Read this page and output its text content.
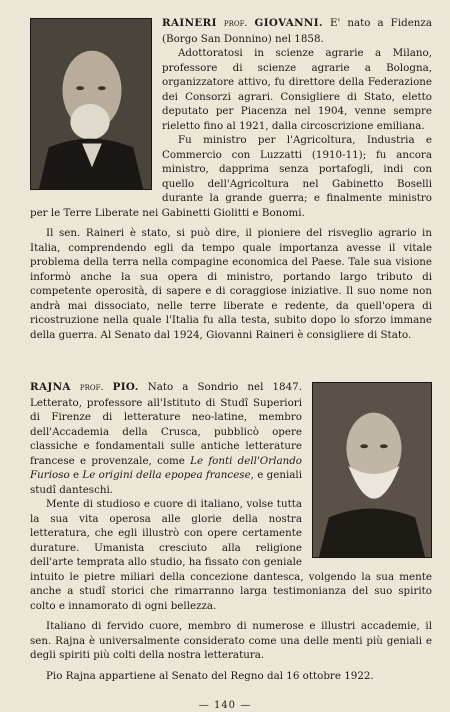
RAINERI prof. GIOVANNI. E' nato a Fidenza (Borgo San Donnino) nel 1858.

Adottoratosi in scienze agrarie a Milano, professore di scienze agrarie a Bologna, organizzatore attivo, fu direttore della Federazione dei Consorzi agrari. Consigliere di Stato, eletto deputato per Piacenza nel 1904, venne sempre rieletto fino al 1921, dalla circoscrizione emiliana.

Fu ministro per l'Agricoltura, Industria e Commercio con Luzzatti (1910-11); fu ancora ministro, dapprima senza portafogli, indi con quello dell'Agricoltura nel Gabinetto Boselli durante la grande guerra; e finalmente ministro per le Terre Liberate nei Gabinetti Giolitti e Bonomi.

Il sen. Raineri è stato, si può dire, il pioniere del risveglio agrario in Italia, comprendendo egli da tempo quale importanza avesse il vitale problema della terra nella compagine economica del Paese. Tale sua visione informò anche la sua opera di ministro, portando largo tributo di competente operosità, di sapere e di coraggiose iniziative. Il suo nome non andrà mai dissociato, nelle terre liberate e redente, da quell'opera di ricostruzione nella quale l'Italia fu alla testa, subito dopo lo sforzo immane della guerra. Al Senato dal 1924, Giovanni Raineri è consigliere di Stato.

RAJNA prof. PIO. Nato a Sondrio nel 1847. Letterato, professore all'Istituto di Studî Superiori di Firenze di letterature neo-latine, membro dell'Accademia della Crusca, pubblicò opere classiche e fondamentali sulle antiche letterature francese e provenzale, come Le fonti dell'Orlando Furioso e Le origini della epopea francese, e geniali studî danteschi.

Mente di studioso e cuore di italiano, volse tutta la sua vita operosa alle glorie della nostra letteratura, che egli illustrò con opere certamente durature. Umanista cresciuto alla religione dell'arte temprata allo studio, ha fissato con geniale intuito le pietre miliari della concezione dantesca, volgendo la sua mente anche a studî storici che rimarranno larga testimonianza del suo spirito colto e innamorato di ogni bellezza.

Italiano di fervido cuore, membro di numerose e illustri accademie, il sen. Rajna è universalmente considerato come una delle menti più geniali e degli spiriti più colti della nostra letteratura.

Pio Rajna appartiene al Senato del Regno dal 16 ottobre 1922.

— 140 —
